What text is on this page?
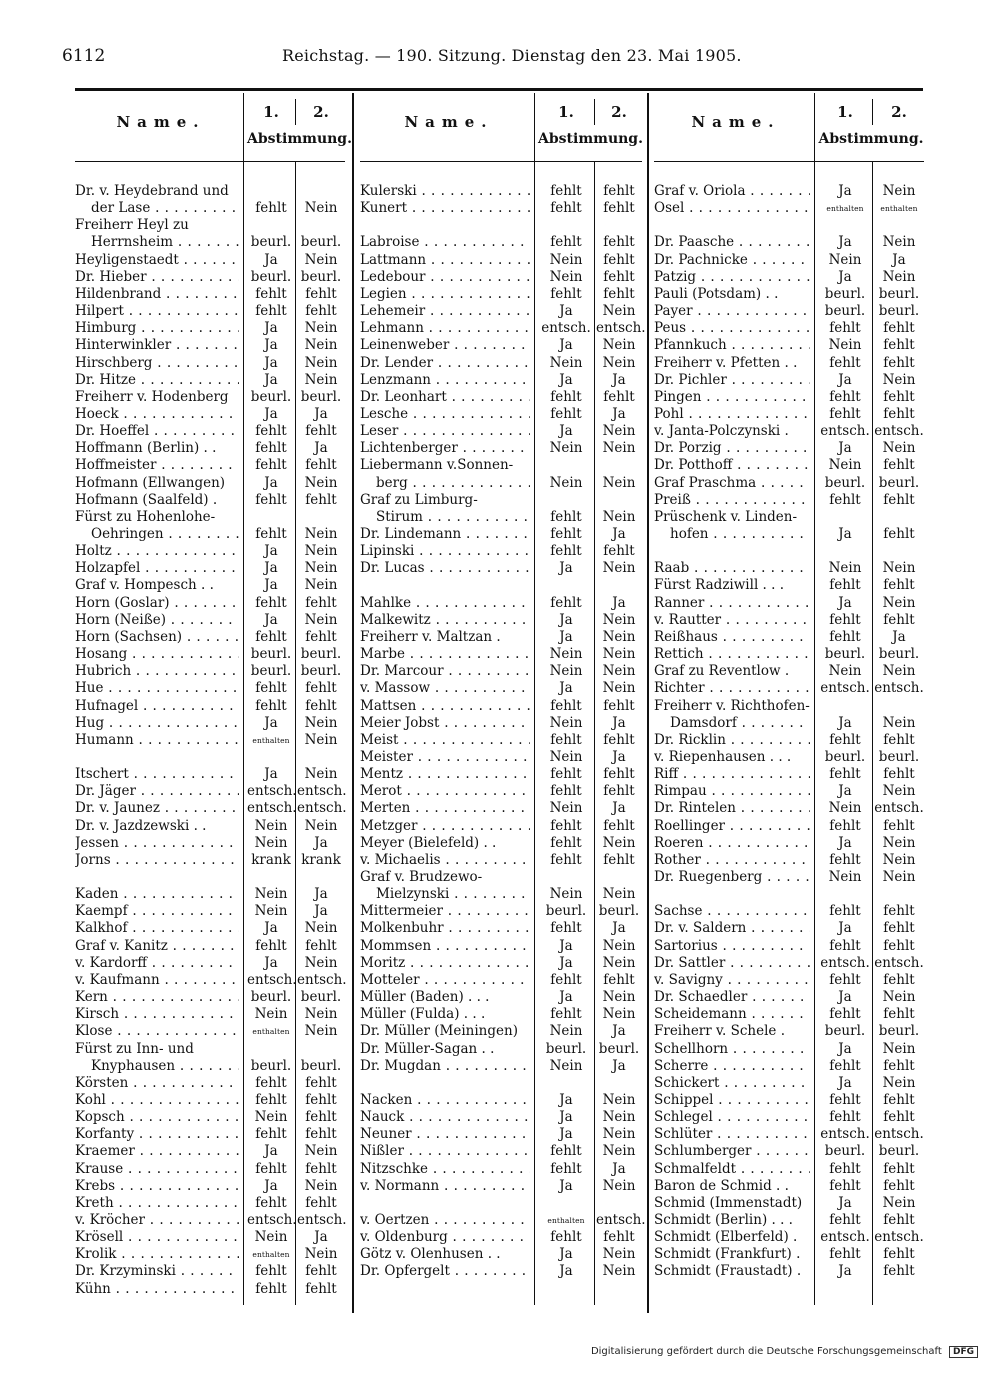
6112	Reichstag. — 190. Sitzung. Dienstag den 23. Mai 1905.
Name.
1.	2.
Abstimmung.
Dr. v. Heydebrand und
der Lase . . .	fehlt	Nein
Freiherr Heyl zu
Herrnsheim . . .	beurl. beurl.
Heyligenstaedt . . .	Ja	Nein
Dr. Hieber . . .	beurl. beurl.
Hildenbrand . . .	fehlt	fehlt
Hilpert . . .	fehlt	fehlt
Himburg . . .	Ja	Nein
Hinterwinkler . . .	Ja	Nein
Hirschberg . . .	Ja	Nein
Dr. Hitze . . .	Ja	Nein
Freiherr v. Hodenberg	beurl. beurl.
Hoeck . . .	Ja	Ja
Dr. Hoeffel . . .	fehlt	fehlt
Hoffmann (Berlin) . .	fehlt	Ja
Hoffmeister . . .	fehlt	fehlt
Hofmann (Ellwangen)	Ja	Nein
Hofmann (Saalfeld) .	fehlt	fehlt
Fürst zu Hohenlohe-
Oehringen . . .	fehlt	Nein
Holtz . . .	Ja	Nein
Holzapfel . . .	Ja	Nein
Graf v. Hompesch . .	Ja	Nein
Horn (Goslar) . . .	fehlt	fehlt
Horn (Neiße) . . .	Ja	Nein
Horn (Sachsen) . . .	fehlt	fehlt
Hosang . . .	beurl. beurl.
Hubrich . . .	beurl. beurl.
Hue . . .	fehlt	fehlt
Hufnagel . . .	fehlt	fehlt
Hug . . .	Ja	Nein
Humann . . .	enthalten	Nein
Itschert . . .	Ja	Nein
Dr. Jäger . . .	entsch. entsch.
Dr. v. Jaunez . . .	entsch. entsch.
Dr. v. Jazdzewski . .	Nein	Nein
Jessen . . .	Nein	Ja
Jorns . . .	krank krank
Kaden . . .	Nein	Ja
Kaempf . . .	Nein	Ja
Kalkhof . . .	Ja	Nein
Graf v. Kanitz . . .	fehlt	fehlt
v. Kardorff . . .	Ja	Nein
v. Kaufmann . . .	entsch. entsch.
Kern . . .	beurl. beurl.
Kirsch . . .	Nein	Nein
Klose . . .	enthalten	Nein
Fürst zu Inn- und
Knyphausen . . .	beurl. beurl.
Körsten . . .	fehlt	fehlt
Kohl . . .	fehlt	fehlt
Kopsch . . .	Nein	fehlt
Korfanty . . .	fehlt	fehlt
Kraemer . . .	Ja	Nein
Krause . . .	fehlt	fehlt
Krebs . . .	Ja	Nein
Kreth . . .	fehlt	fehlt
v. Kröcher . . .	entsch. entsch.
Krösell . . .	Nein	Ja
Krolik . . .	enthalten	Nein
Dr. Krzyminski . . .	fehlt	fehlt
Kühn . . .	fehlt	fehlt
Name.
1.	2.
Abstimmung.
Kulerski . . .	fehlt	fehlt
Kunert . . .	fehlt	fehlt
Labroise . . .	fehlt	fehlt
Lattmann . . .	Nein	fehlt
Ledebour . . .	Nein	fehlt
Legien . . .	fehlt	fehlt
Lehemeir . . .	Ja	Nein
Lehmann . . .	entsch. entsch.
Leinenweber . . .	Ja	Nein
Dr. Lender . . .	Nein	Nein
Lenzmann . . .	Ja	Ja
Dr. Leonhart . . .	fehlt	fehlt
Lesche . . .	fehlt	Ja
Leser . . .	Ja	Nein
Lichtenberger . . .	Nein	Nein
Liebermann v.Sonnen-
berg . . .	Nein	Nein
Graf zu Limburg-
Stirum . . .	fehlt	Nein
Dr. Lindemann . . .	fehlt	Ja
Lipinski . . .	fehlt	fehlt
Dr. Lucas . . .	Ja	Nein
Mahlke . . .	fehlt	Ja
Malkewitz . . .	Ja	Nein
Freiherr v. Maltzan .	Ja	Nein
Marbe . . .	Nein	Nein
Dr. Marcour . . .	Nein	Nein
v. Massow . . .	Ja	Nein
Mattsen . . .	fehlt	fehlt
Meier Jobst . . .	Nein	Ja
Meist . . .	fehlt	fehlt
Meister . . .	Nein	Ja
Mentz . . .	fehlt	fehlt
Merot . . .	fehlt	fehlt
Merten . . .	Nein	Ja
Metzger . . .	fehlt	fehlt
Meyer (Bielefeld) . .	fehlt	Nein
v. Michaelis . . .	fehlt	fehlt
Graf v. Brudzewo-
Mielzynski . . .	Nein	Nein
Mittermeier . . .	beurl. beurl.
Molkenbuhr . . .	fehlt	Ja
Mommsen . . .	Ja	Nein
Moritz . . .	Ja	Nein
Motteler . . .	fehlt	fehlt
Müller (Baden) . . .	Ja	Nein
Müller (Fulda) . . .	fehlt	Nein
Dr. Müller (Meiningen)	Nein	Ja
Dr. Müller-Sagan . .	beurl. beurl.
Dr. Mugdan . . .	Nein	Ja
Nacken . . .	Ja	Nein
Nauck . . .	Ja	Nein
Neuner . . .	Ja	Nein
Nißler . . .	fehlt	Nein
Nitzschke . . .	fehlt	Ja
v. Normann . . .	Ja	Nein
v. Oertzen . . .	enthalten entsch.
v. Oldenburg . . .	fehlt	fehlt
Götz v. Olenhusen . .	Ja	Nein
Dr. Opfergelt . . .	Ja	Nein
Name.
1.	2.
Abstimmung.
Graf v. Oriola . . .	Ja	Nein
Osel . . .	enthalten	enthalten
Dr. Paasche . . .	Ja	Nein
Dr. Pachnicke . . .	Nein	Ja
Patzig . . .	Ja	Nein
Pauli (Potsdam) . .	beurl.	beurl.
Payer . . .	beurl.	beurl.
Peus . . .	fehlt	fehlt
Pfannkuch . . .	Nein	fehlt
Freiherr v. Pfetten . .	fehlt	fehlt
Dr. Pichler . . .	Ja	Nein
Pingen . . .	fehlt	fehlt
Pohl . . .	fehlt	fehlt
v. Janta-Polczynski .	entsch. entsch.
Dr. Porzig . . .	Ja	Nein
Dr. Potthoff . . .	Nein	fehlt
Graf Praschma . . .	beurl.	beurl.
Preiß . . .	fehlt	fehlt
Prüschenk v. Linden-
hofen . . .	Ja	fehlt
Raab . . .	Nein	Nein
Fürst Radziwill . . .	fehlt	fehlt
Ranner . . .	Ja	Nein
v. Rautter . . .	fehlt	fehlt
Reißhaus . . .	fehlt	Ja
Rettich . . .	beurl.	beurl.
Graf zu Reventlow .	Nein	Nein
Richter . . .	entsch. entsch.
Freiherr v. Richthofen-
Damsdorf . . .	Ja	Nein
Dr. Ricklin . . .	fehlt	fehlt
v. Riepenhausen . . .	beurl.	beurl.
Riff . . .	fehlt	fehlt
Rimpau . . .	Ja	Nein
Dr. Rintelen . . .	Nein entsch.
Roellinger . . .	fehlt	fehlt
Roeren . . .	Ja	Nein
Rother . . .	fehlt	Nein
Dr. Ruegenberg . . .	Nein	Nein
Sachse . . .	fehlt	fehlt
Dr. v. Saldern . . .	Ja	fehlt
Sartorius . . .	fehlt	fehlt
Dr. Sattler . . .	entsch. entsch.
v. Savigny . . .	fehlt	fehlt
Dr. Schaedler . . .	Ja	Nein
Scheidemann . . .	fehlt	fehlt
Freiherr v. Schele .	beurl.	beurl.
Schellhorn . . .	Ja	Nein
Scherre . . .	fehlt	fehlt
Schickert . . .	Ja	Nein
Schippel . . .	fehlt	fehlt
Schlegel . . .	fehlt	fehlt
Schlüter . . .	entsch. entsch.
Schlumberger . . .	beurl.	beurl.
Schmalfeldt . . .	fehlt	fehlt
Baron de Schmid . .	fehlt	fehlt
Schmid (Immenstadt)	Ja	Nein
Schmidt (Berlin) . . .	fehlt	fehlt
Schmidt (Elberfeld) .	entsch. entsch.
Schmidt (Frankfurt) .	fehlt	fehlt
Schmidt (Fraustadt) .	Ja	fehlt
Digitalisierung gefördert durch die Deutsche Forschungsgemeinschaft DFG
